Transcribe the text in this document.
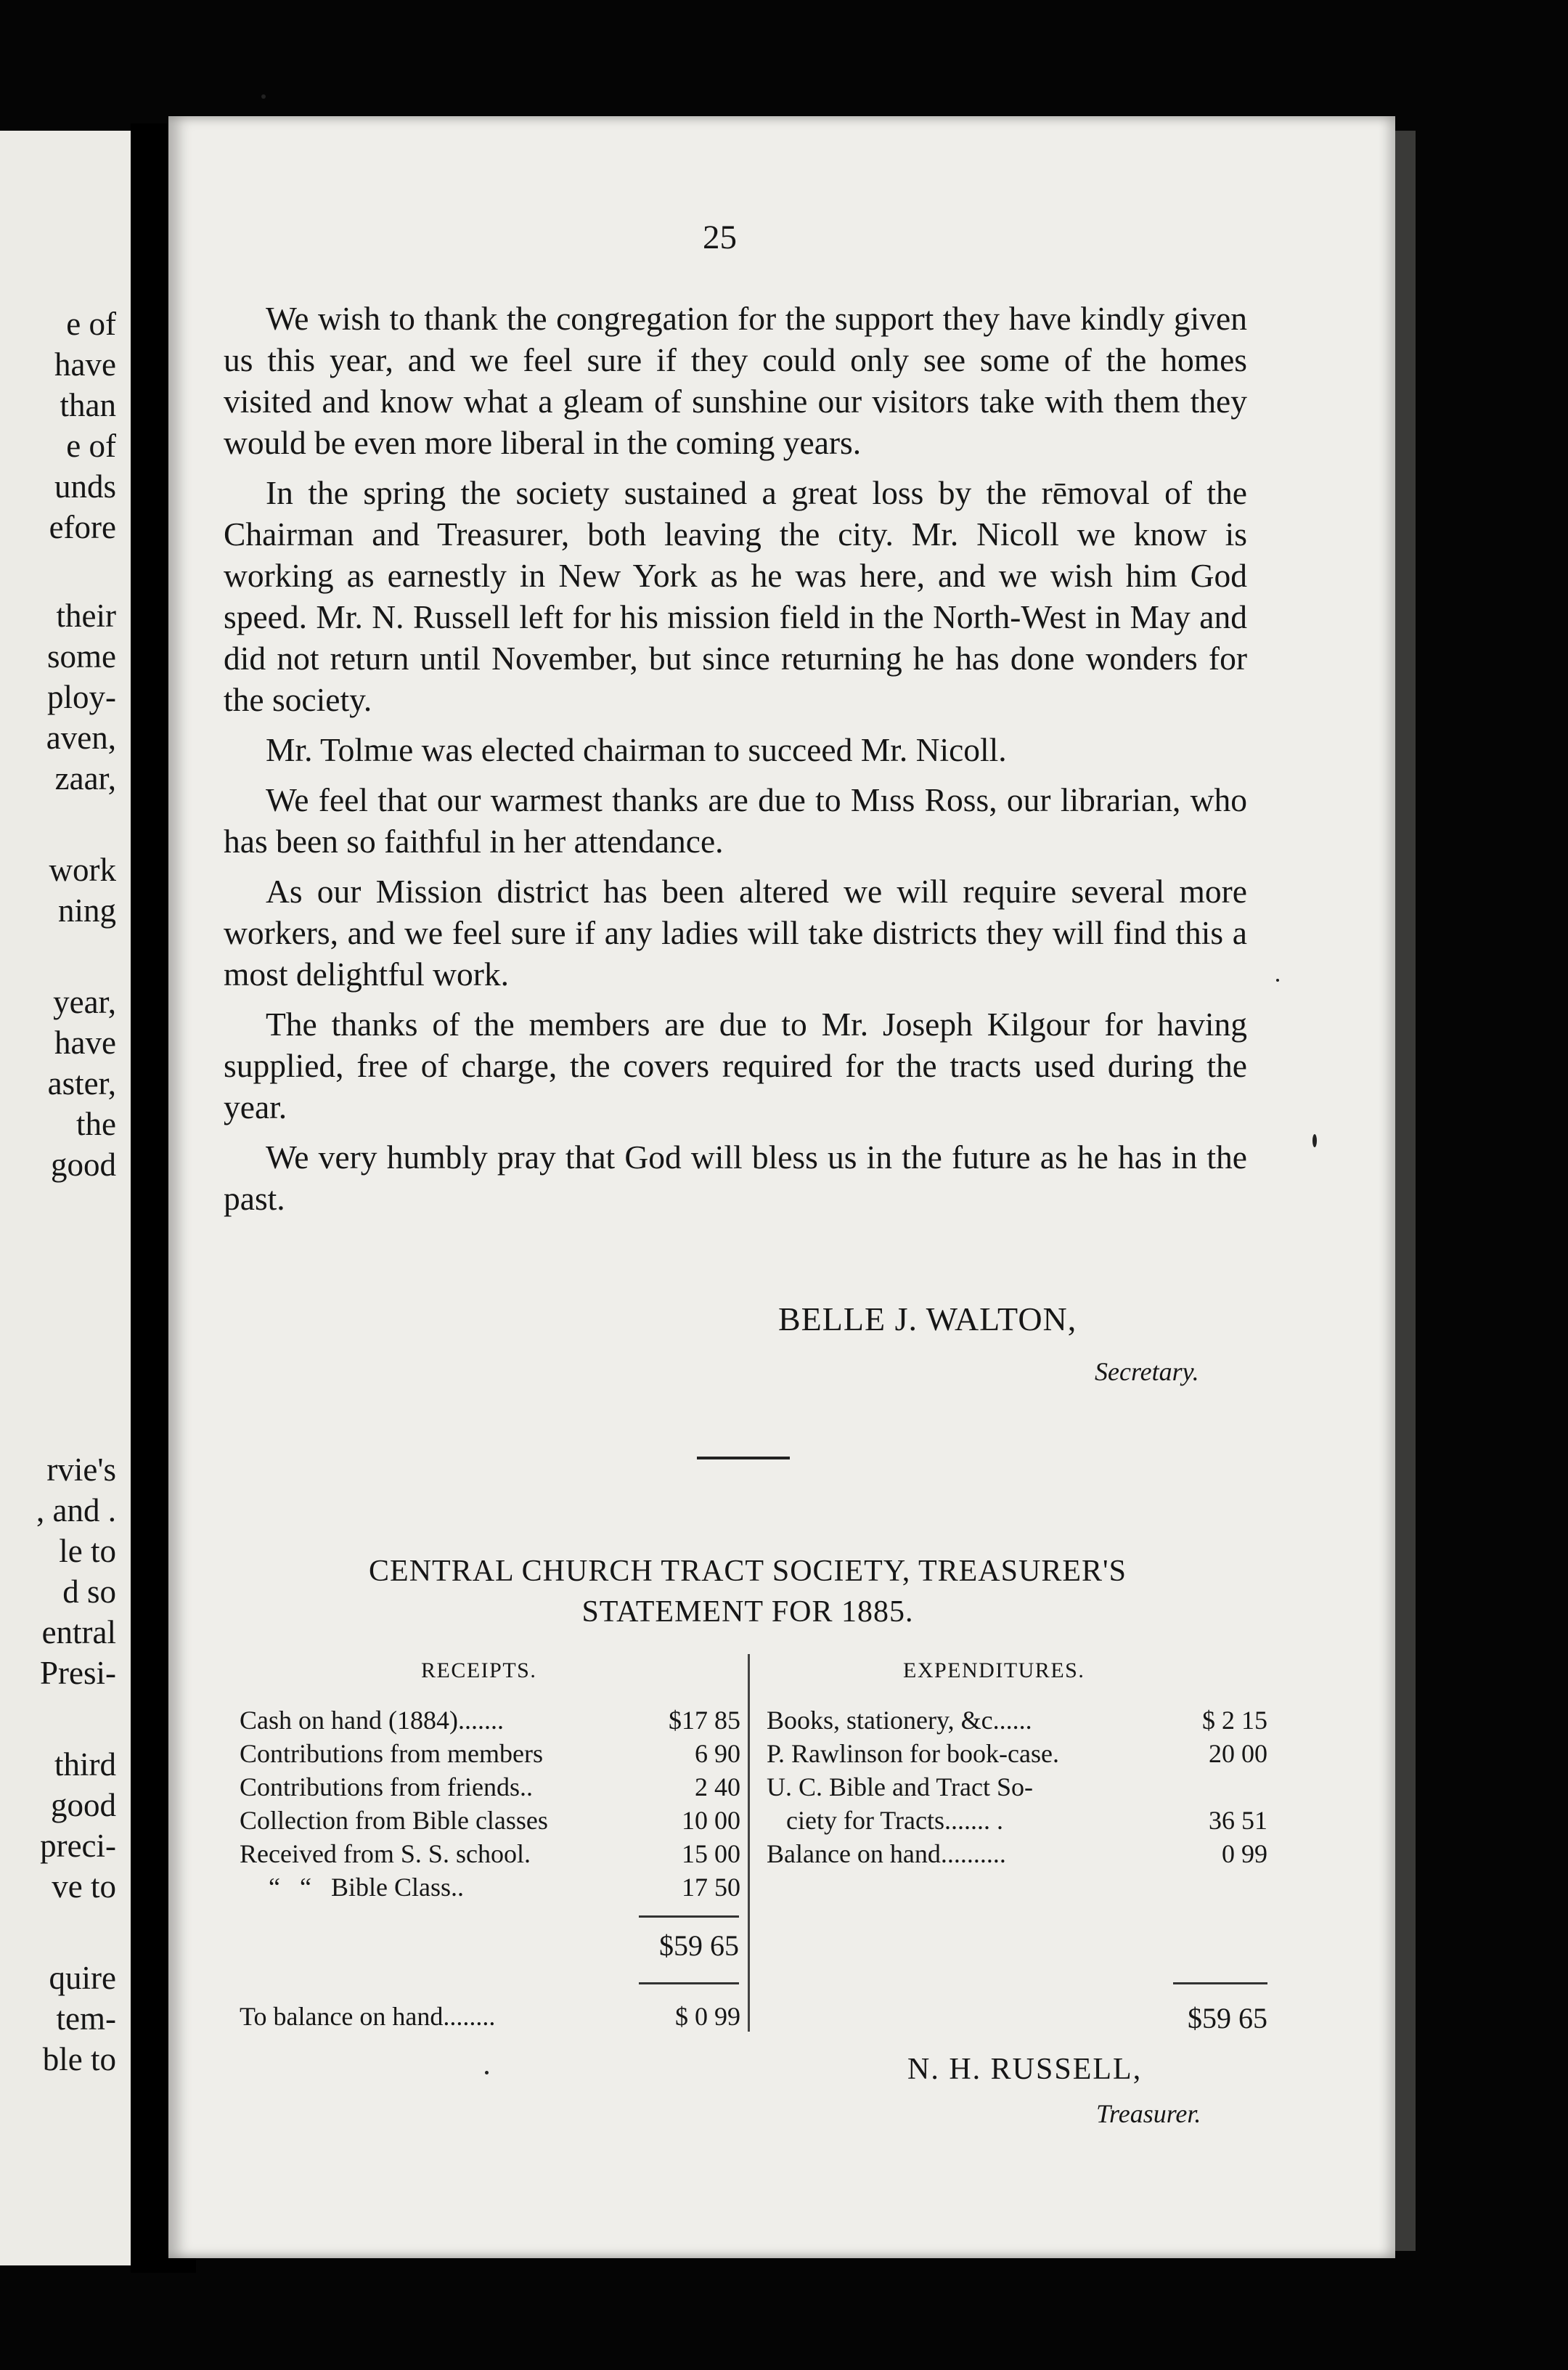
e of
have
than
e of
unds
efore
their
some
ploy-
aven,
zaar,
work
ning
year,
have
aster,
the
good
rvie's
, and .
le to
d so
entral
Presi-
third
good
preci-
ve to
quire
tem-
ble to
25

We wish to thank the congregation for the support they have kindly given us this year, and we feel sure if they could only see some of the homes visited and know what a gleam of sunshine our visitors take with them they would be even more liberal in the coming years.

In the spring the society sustained a great loss by the rēmoval of the Chairman and Treasurer, both leaving the city. Mr. Nicoll we know is working as earnestly in New York as he was here, and we wish him God speed. Mr. N. Russell left for his mission field in the North-West in May and did not return until November, but since returning he has done wonders for the society.

Mr. Tolmıe was elected chairman to succeed Mr. Nicoll.

We feel that our warmest thanks are due to Mıss Ross, our librarian, who has been so faithful in her attendance.

As our Mission district has been altered we will require several more workers, and we feel sure if any ladies will take districts they will find this a most delightful work.

The thanks of the members are due to Mr. Joseph Kilgour for having supplied, free of charge, the covers required for the tracts used during the year.

We very humbly pray that God will bless us in the future as he has in the past.

BELLE J. WALTON,
Secretary.
CENTRAL CHURCH TRACT SOCIETY, TREASURER'S
STATEMENT FOR 1885.
RECEIPTS.	EXPENDITURES.
Cash on hand (1884).......	$17 85
Contributions from members	6 90
Contributions from friends..	2 40
Collection from Bible classes	10 00
Received from S. S. school.	15 00
“   “   Bible Class..	17 50
$59 65
To balance on hand........	$ 0 99
Books, stationery, &c......	$ 2 15
P. Rawlinson for book-case.	20 00
U. C. Bible and Tract So-
ciety for Tracts....... .	36 51
Balance on hand..........	0 99
$59 65
N. H. RUSSELL,
Treasurer.
